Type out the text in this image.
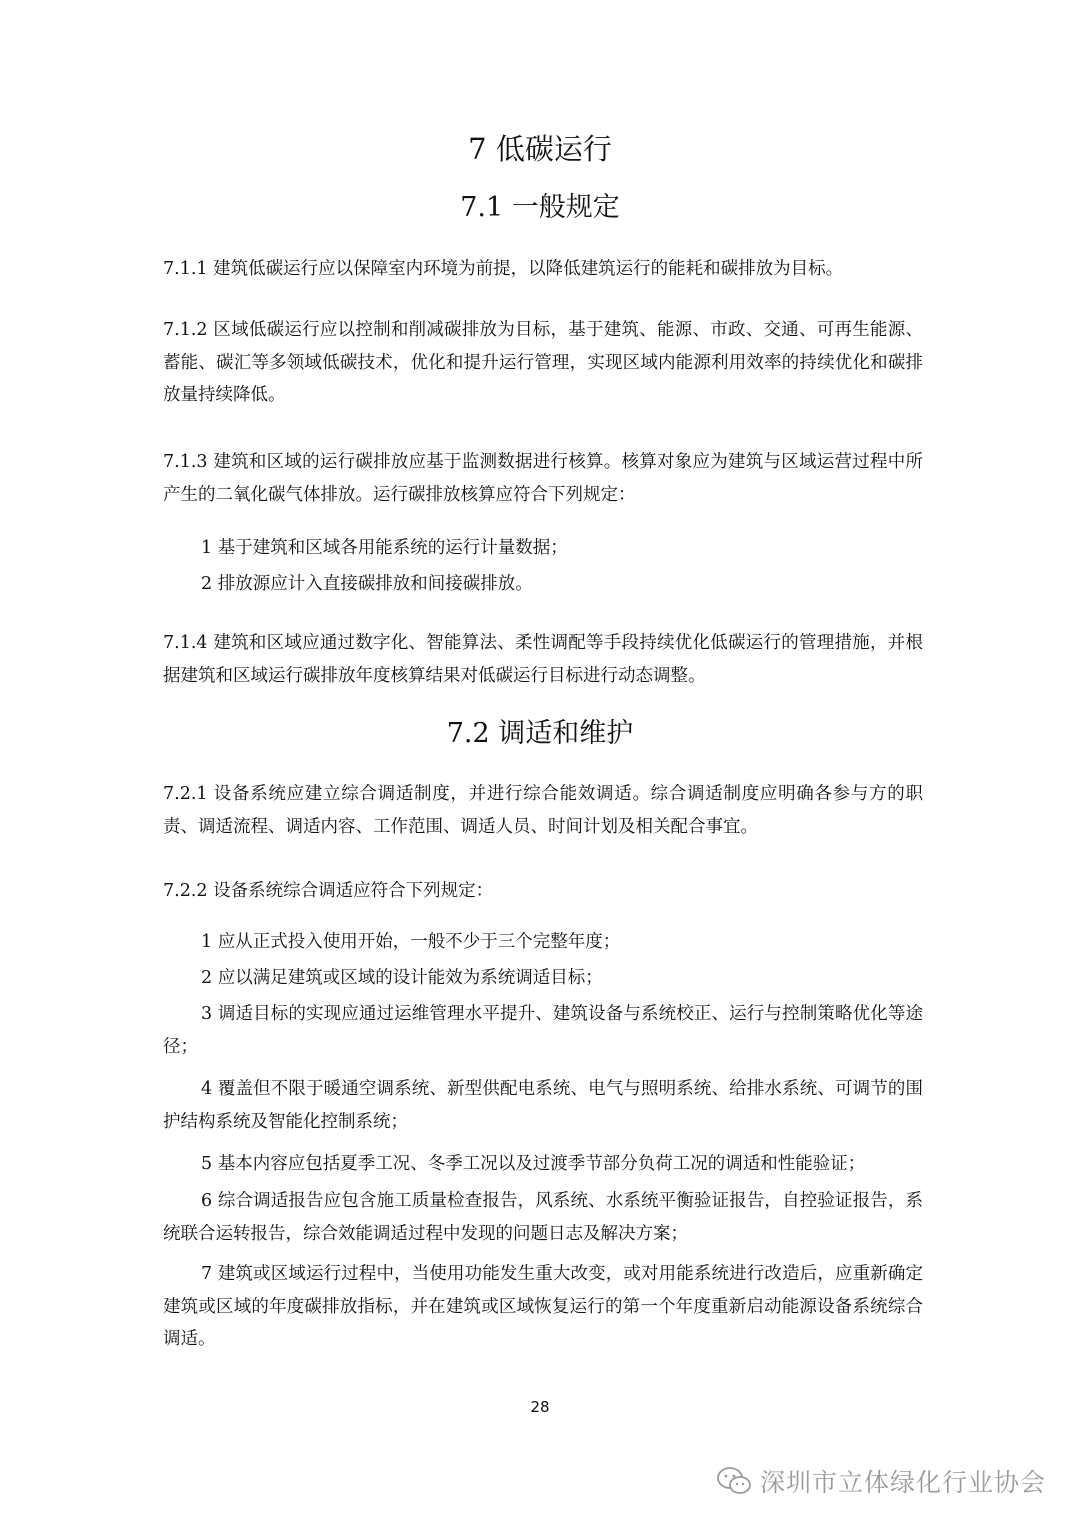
7 低碳运行
7.1 一般规定
7.1.1 建筑低碳运行应以保障室内环境为前提，以降低建筑运行的能耗和碳排放为目标。
7.1.2 区域低碳运行应以控制和削减碳排放为目标，基于建筑、能源、市政、交通、可再生能源、蓄能、碳汇等多领域低碳技术，优化和提升运行管理，实现区域内能源利用效率的持续优化和碳排放量持续降低。
7.1.3 建筑和区域的运行碳排放应基于监测数据进行核算。核算对象应为建筑与区域运营过程中所产生的二氧化碳气体排放。运行碳排放核算应符合下列规定：
1 基于建筑和区域各用能系统的运行计量数据；
2 排放源应计入直接碳排放和间接碳排放。
7.1.4 建筑和区域应通过数字化、智能算法、柔性调配等手段持续优化低碳运行的管理措施，并根据建筑和区域运行碳排放年度核算结果对低碳运行目标进行动态调整。
7.2 调适和维护
7.2.1 设备系统应建立综合调适制度，并进行综合能效调适。综合调适制度应明确各参与方的职责、调适流程、调适内容、工作范围、调适人员、时间计划及相关配合事宜。
7.2.2 设备系统综合调适应符合下列规定：
1 应从正式投入使用开始，一般不少于三个完整年度；
2 应以满足建筑或区域的设计能效为系统调适目标；
3 调适目标的实现应通过运维管理水平提升、建筑设备与系统校正、运行与控制策略优化等途径；
4 覆盖但不限于暖通空调系统、新型供配电系统、电气与照明系统、给排水系统、可调节的围护结构系统及智能化控制系统；
5 基本内容应包括夏季工况、冬季工况以及过渡季节部分负荷工况的调适和性能验证；
6 综合调适报告应包含施工质量检查报告，风系统、水系统平衡验证报告，自控验证报告，系统联合运转报告，综合效能调适过程中发现的问题日志及解决方案；
7 建筑或区域运行过程中，当使用功能发生重大改变，或对用能系统进行改造后，应重新确定建筑或区域的年度碳排放指标，并在建筑或区域恢复运行的第一个年度重新启动能源设备系统综合调适。
28
深圳市立体绿化行业协会
